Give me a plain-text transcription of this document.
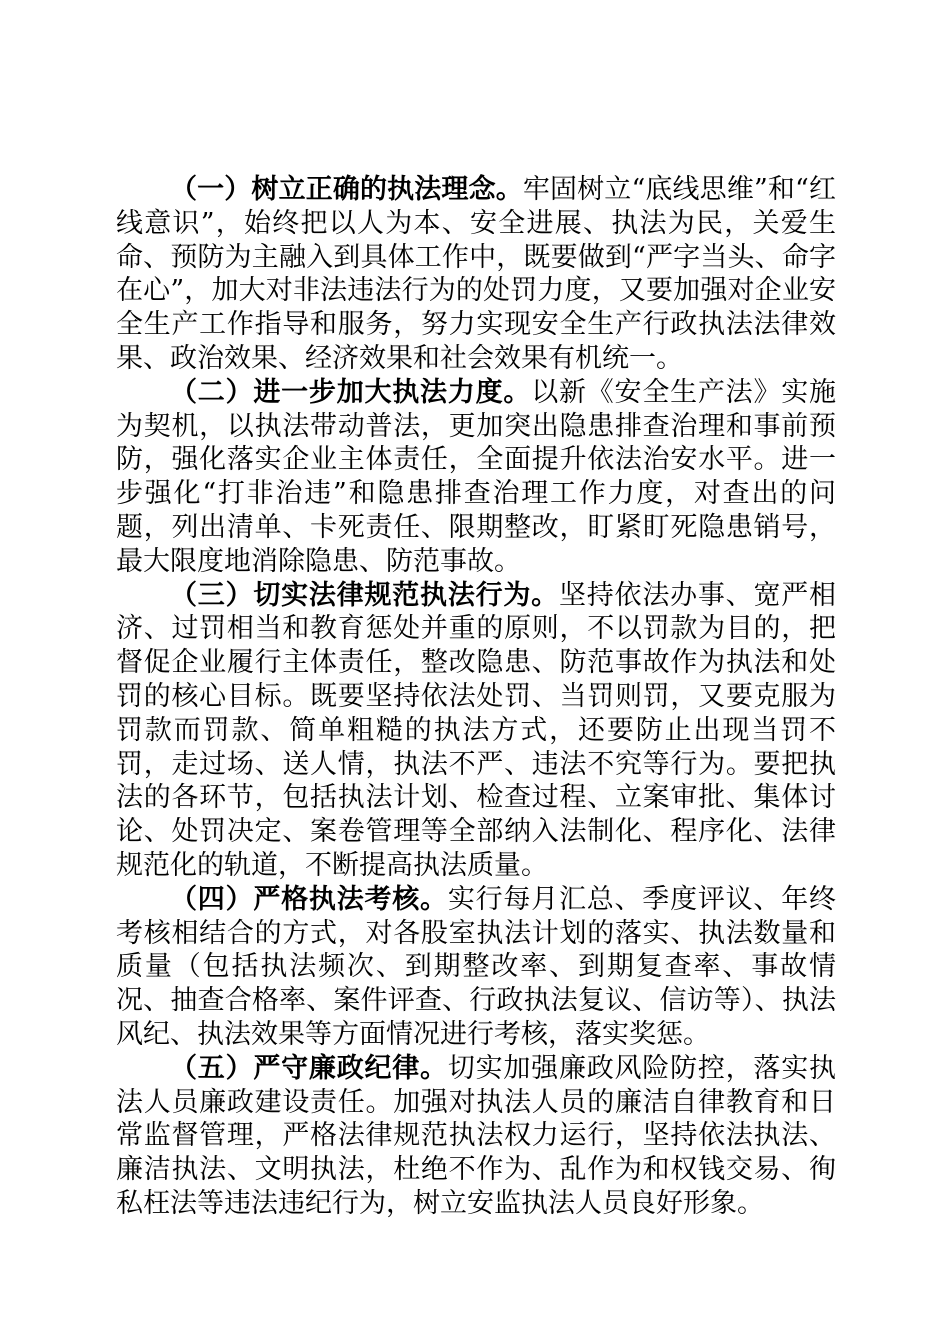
（一）树立正确的执法理念。牢固树立“底线思维”和“红线意识”，始终把以人为本、安全进展、执法为民，关爱生命、预防为主融入到具体工作中，既要做到“严字当头、命字在心”，加大对非法违法行为的处罚力度，又要加强对企业安全生产工作指导和服务，努力实现安全生产行政执法法律效果、政治效果、经济效果和社会效果有机统一。

（二）进一步加大执法力度。以新《安全生产法》实施为契机，以执法带动普法，更加突出隐患排查治理和事前预防，强化落实企业主体责任，全面提升依法治安水平。进一步强化“打非治违”和隐患排查治理工作力度，对查出的问题，列出清单、卡死责任、限期整改，盯紧盯死隐患销号，最大限度地消除隐患、防范事故。

（三）切实法律规范执法行为。坚持依法办事、宽严相济、过罚相当和教育惩处并重的原则，不以罚款为目的，把督促企业履行主体责任，整改隐患、防范事故作为执法和处罚的核心目标。既要坚持依法处罚、当罚则罚，又要克服为罚款而罚款、简单粗糙的执法方式，还要防止出现当罚不罚，走过场、送人情，执法不严、违法不究等行为。要把执法的各环节，包括执法计划、检查过程、立案审批、集体讨论、处罚决定、案卷管理等全部纳入法制化、程序化、法律规范化的轨道，不断提高执法质量。

（四）严格执法考核。实行每月汇总、季度评议、年终考核相结合的方式，对各股室执法计划的落实、执法数量和质量（包括执法频次、到期整改率、到期复查率、事故情况、抽查合格率、案件评查、行政执法复议、信访等）、执法风纪、执法效果等方面情况进行考核，落实奖惩。

（五）严守廉政纪律。切实加强廉政风险防控，落实执法人员廉政建设责任。加强对执法人员的廉洁自律教育和日常监督管理，严格法律规范执法权力运行，坚持依法执法、廉洁执法、文明执法，杜绝不作为、乱作为和权钱交易、徇私枉法等违法违纪行为，树立安监执法人员良好形象。
